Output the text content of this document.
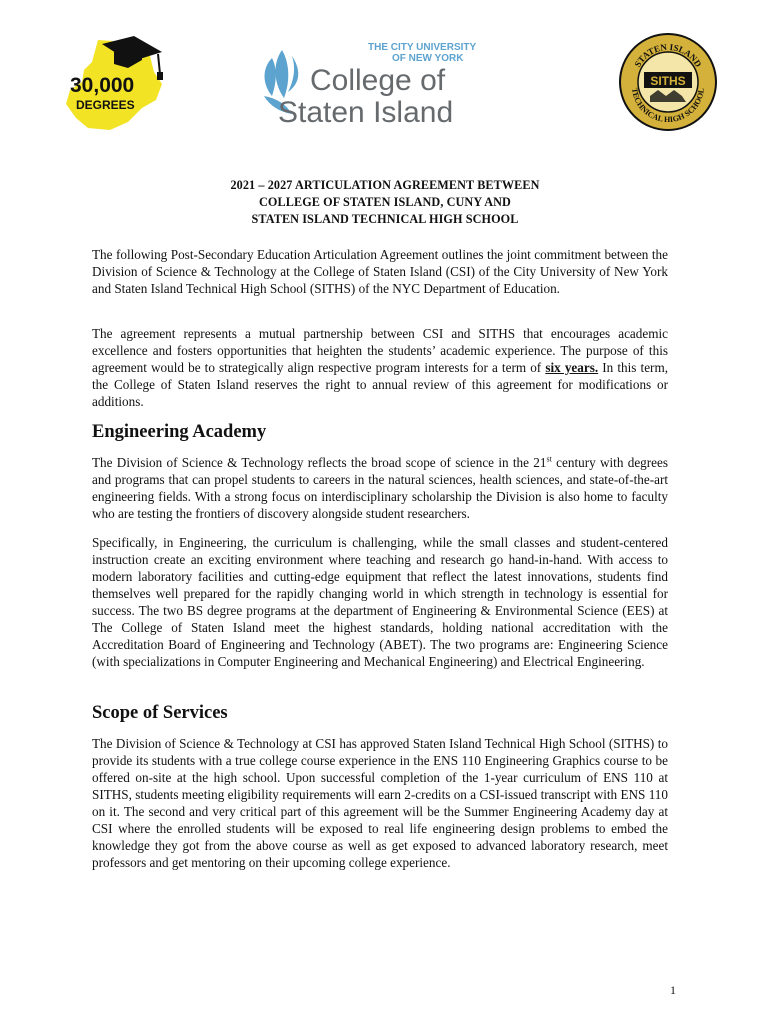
30,000
DEGREES
THE CITY UNIVERSITY
OF NEW YORK
College of
Staten Island
STATEN ISLAND
TECHNICAL HIGH SCHOOL
SITHS
2021 – 2027 ARTICULATION AGREEMENT BETWEEN
COLLEGE OF STATEN ISLAND, CUNY AND
STATEN ISLAND TECHNICAL HIGH SCHOOL
The following Post-Secondary Education Articulation Agreement outlines the joint commitment between the Division of Science & Technology at the College of Staten Island (CSI) of the City University of New York and Staten Island Technical High School (SITHS) of the NYC Department of Education.
The agreement represents a mutual partnership between CSI and SITHS that encourages academic excellence and fosters opportunities that heighten the students’ academic experience. The purpose of this agreement would be to strategically align respective program interests for a term of six years. In this term, the College of Staten Island reserves the right to annual review of this agreement for modifications or additions.
Engineering Academy
The Division of Science & Technology reflects the broad scope of science in the 21st century with degrees and programs that can propel students to careers in the natural sciences, health sciences, and state-of-the-art engineering fields. With a strong focus on interdisciplinary scholarship the Division is also home to faculty who are testing the frontiers of discovery alongside student researchers.
Specifically, in Engineering, the curriculum is challenging, while the small classes and student-centered instruction create an exciting environment where teaching and research go hand-in-hand. With access to modern laboratory facilities and cutting-edge equipment that reflect the latest innovations, students find themselves well prepared for the rapidly changing world in which strength in technology is essential for success. The two BS degree programs at the department of Engineering & Environmental Science (EES) at The College of Staten Island meet the highest standards, holding national accreditation with the Accreditation Board of Engineering and Technology (ABET). The two programs are: Engineering Science (with specializations in Computer Engineering and Mechanical Engineering) and Electrical Engineering.
Scope of Services
The Division of Science & Technology at CSI has approved Staten Island Technical High School (SITHS) to provide its students with a true college course experience in the ENS 110 Engineering Graphics course to be offered on-site at the high school. Upon successful completion of the 1-year curriculum of ENS 110 at SITHS, students meeting eligibility requirements will earn 2-credits on a CSI-issued transcript with ENS 110 on it. The second and very critical part of this agreement will be the Summer Engineering Academy day at CSI where the enrolled students will be exposed to real life engineering design problems to embed the knowledge they got from the above course as well as get exposed to advanced laboratory research, meet professors and get mentoring on their upcoming college experience.
1
